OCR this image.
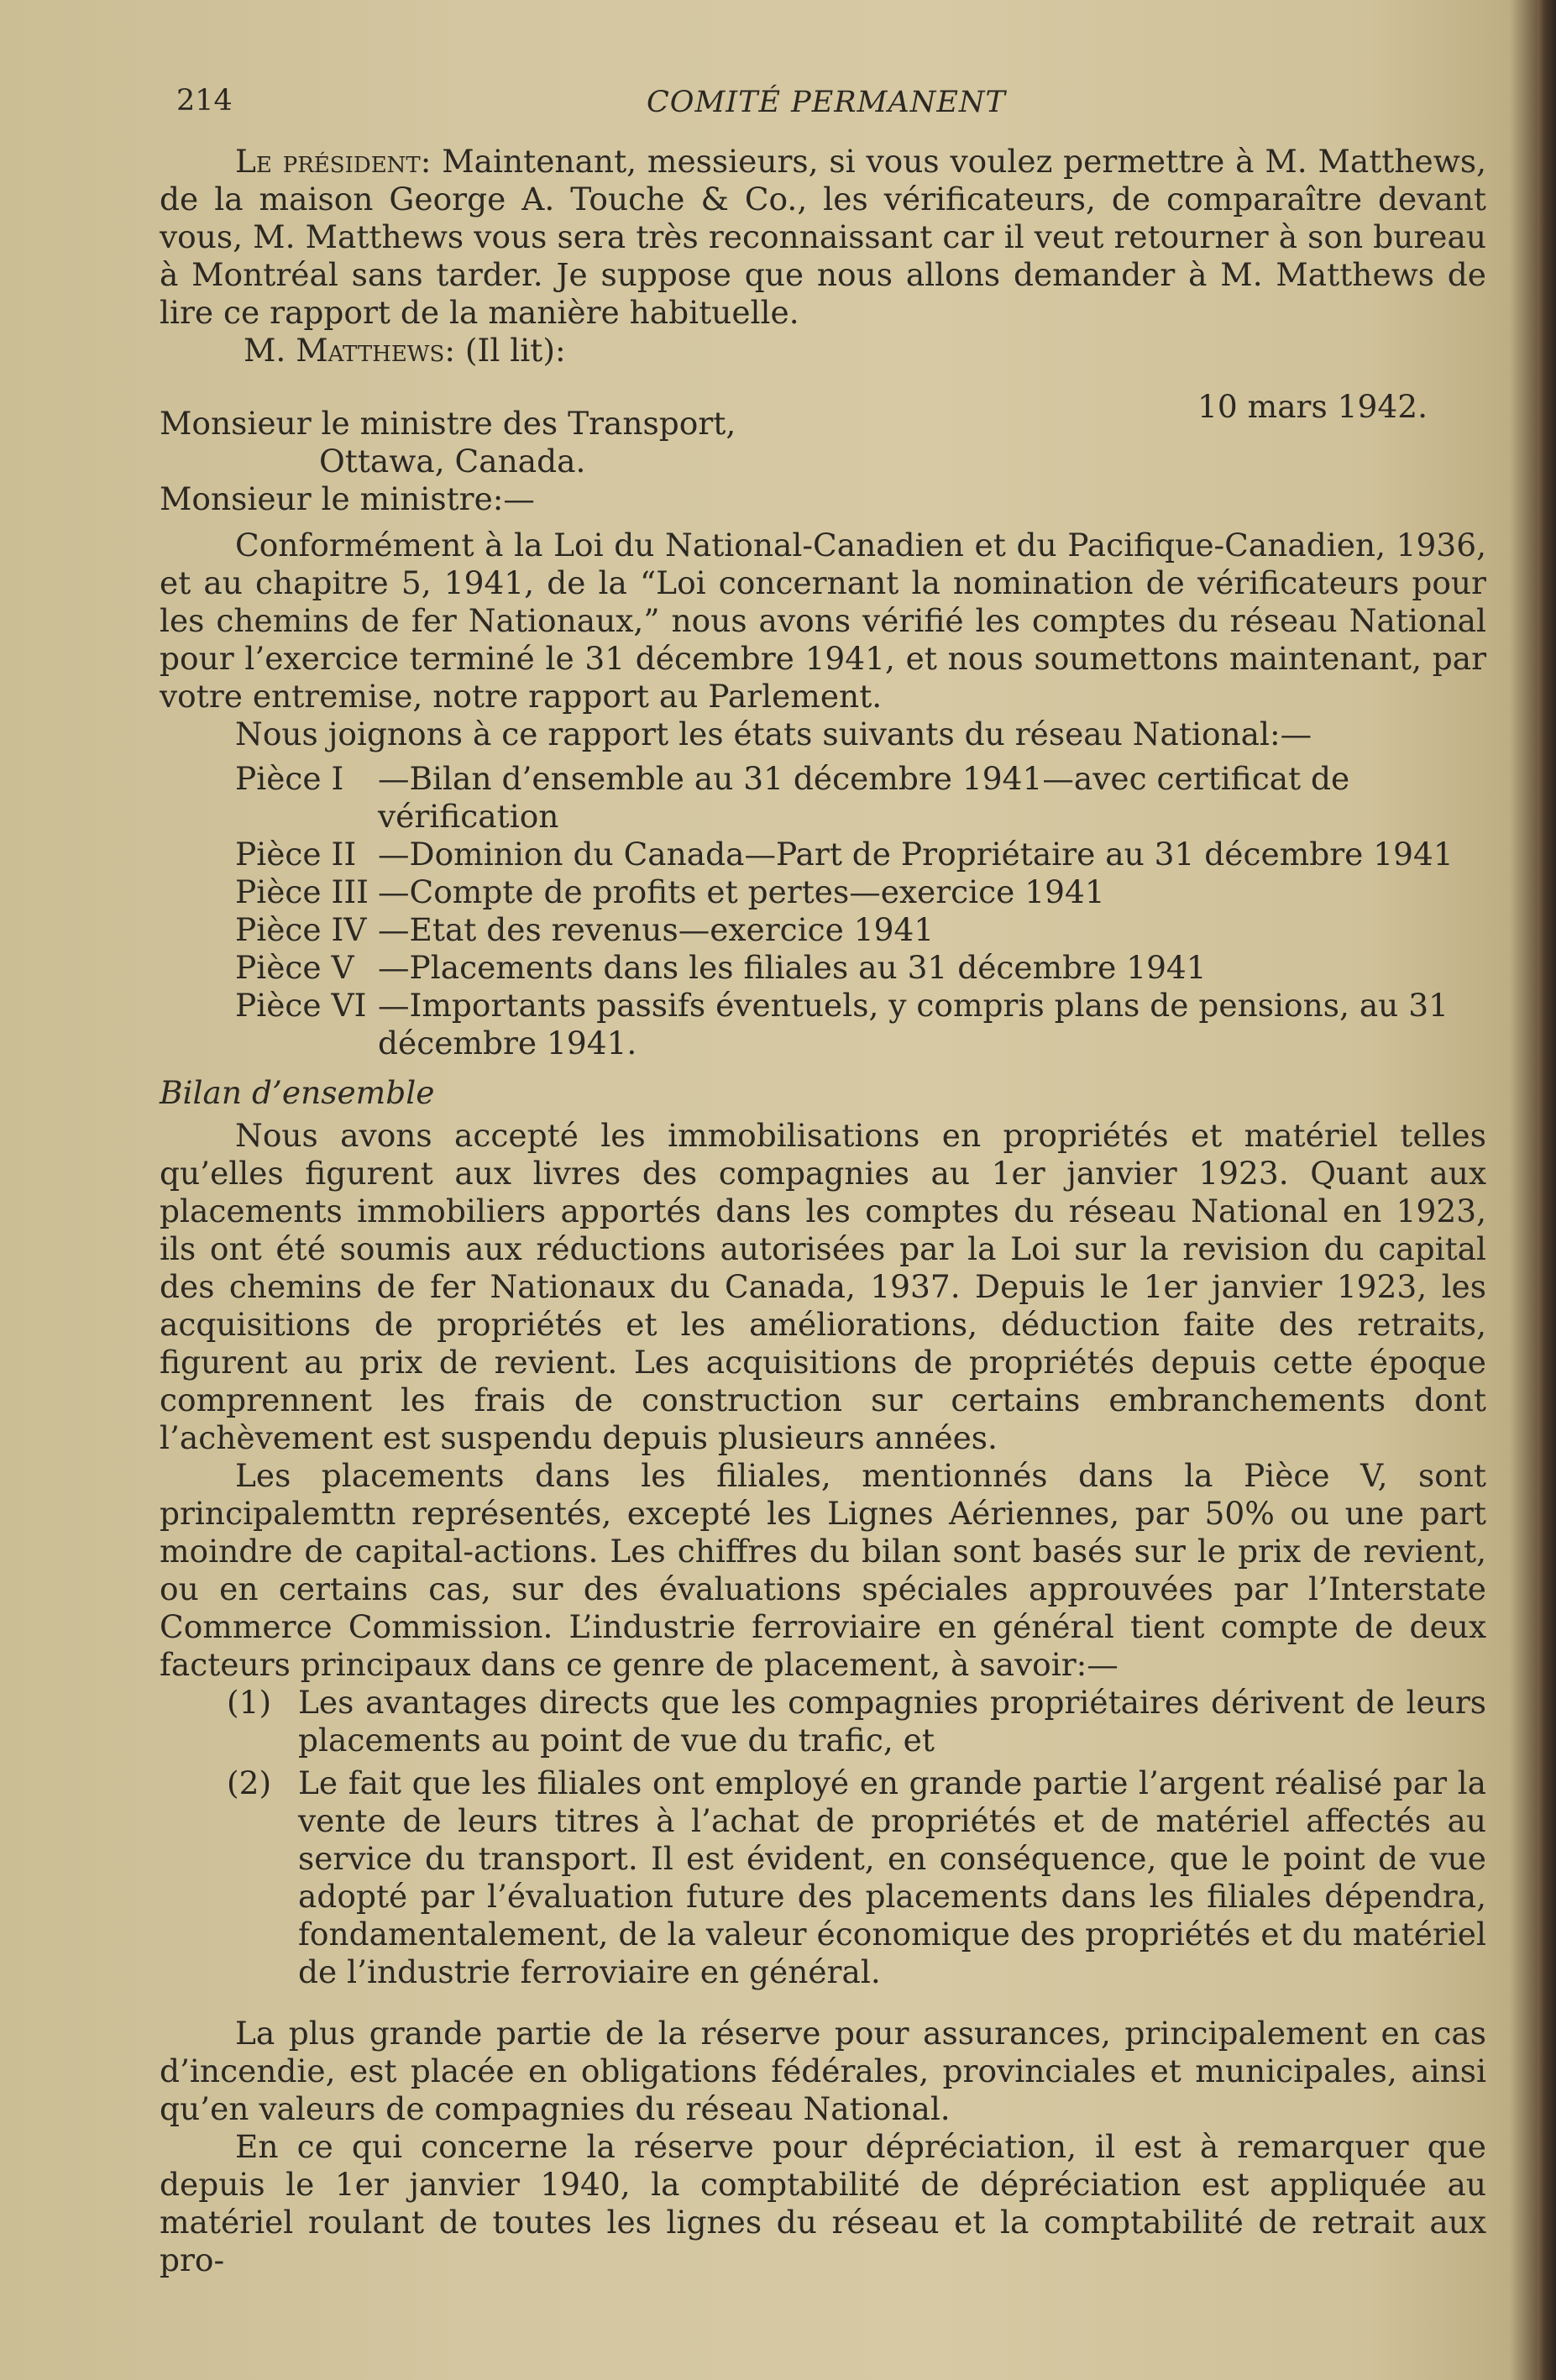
214	COMITÉ PERMANENT

Le président: Maintenant, messieurs, si vous voulez permettre à M. Matthews, de la maison George A. Touche & Co., les vérificateurs, de comparaître devant vous, M. Matthews vous sera très reconnaissant car il veut retourner à son bureau à Montréal sans tarder. Je suppose que nous allons demander à M. Matthews de lire ce rapport de la manière habituelle.

M. Matthews: (Il lit):

Monsieur le ministre des Transport,	10 mars 1942.
Ottawa, Canada.
Monsieur le ministre:—

Conformément à la Loi du National-Canadien et du Pacifique-Canadien, 1936, et au chapitre 5, 1941, de la “Loi concernant la nomination de vérificateurs pour les chemins de fer Nationaux,” nous avons vérifié les comptes du réseau National pour l’exercice terminé le 31 décembre 1941, et nous soumettons maintenant, par votre entremise, notre rapport au Parlement.

Nous joignons à ce rapport les états suivants du réseau National:—

Pièce I	—Bilan d’ensemble au 31 décembre 1941—avec certificat de vérification
Pièce II —Dominion du Canada—Part de Propriétaire au 31 décembre 1941
Pièce III —Compte de profits et pertes—exercice 1941
Pièce IV —Etat des revenus—exercice 1941
Pièce V —Placements dans les filiales au 31 décembre 1941
Pièce VI —Importants passifs éventuels, y compris plans de pensions, au 31 décembre 1941.
Bilan d’ensemble

Nous avons accepté les immobilisations en propriétés et matériel telles qu’elles figurent aux livres des compagnies au 1er janvier 1923. Quant aux placements immobiliers apportés dans les comptes du réseau National en 1923, ils ont été soumis aux réductions autorisées par la Loi sur la revision du capital des chemins de fer Nationaux du Canada, 1937. Depuis le 1er janvier 1923, les acquisitions de propriétés et les améliorations, déduction faite des retraits, figurent au prix de revient. Les acquisitions de propriétés depuis cette époque comprennent les frais de construction sur certains embranchements dont l’achèvement est suspendu depuis plusieurs années.

Les placements dans les filiales, mentionnés dans la Pièce V, sont principalemttn représentés, excepté les Lignes Aériennes, par 50% ou une part moindre de capital-actions. Les chiffres du bilan sont basés sur le prix de revient, ou en certains cas, sur des évaluations spéciales approuvées par l’Interstate Commerce Commission. L’industrie ferroviaire en général tient compte de deux facteurs principaux dans ce genre de placement, à savoir:—

(1) Les avantages directs que les compagnies propriétaires dérivent de leurs placements au point de vue du trafic, et
(2) Le fait que les filiales ont employé en grande partie l’argent réalisé par la vente de leurs titres à l’achat de propriétés et de matériel affectés au service du transport. Il est évident, en conséquence, que le point de vue adopté par l’évaluation future des placements dans les filiales dépendra, fondamentalement, de la valeur économique des propriétés et du matériel de l’industrie ferroviaire en général.

La plus grande partie de la réserve pour assurances, principalement en cas d’incendie, est placée en obligations fédérales, provinciales et municipales, ainsi qu’en valeurs de compagnies du réseau National.

En ce qui concerne la réserve pour dépréciation, il est à remarquer que depuis le 1er janvier 1940, la comptabilité de dépréciation est appliquée au matériel roulant de toutes les lignes du réseau et la comptabilité de retrait aux pro-
